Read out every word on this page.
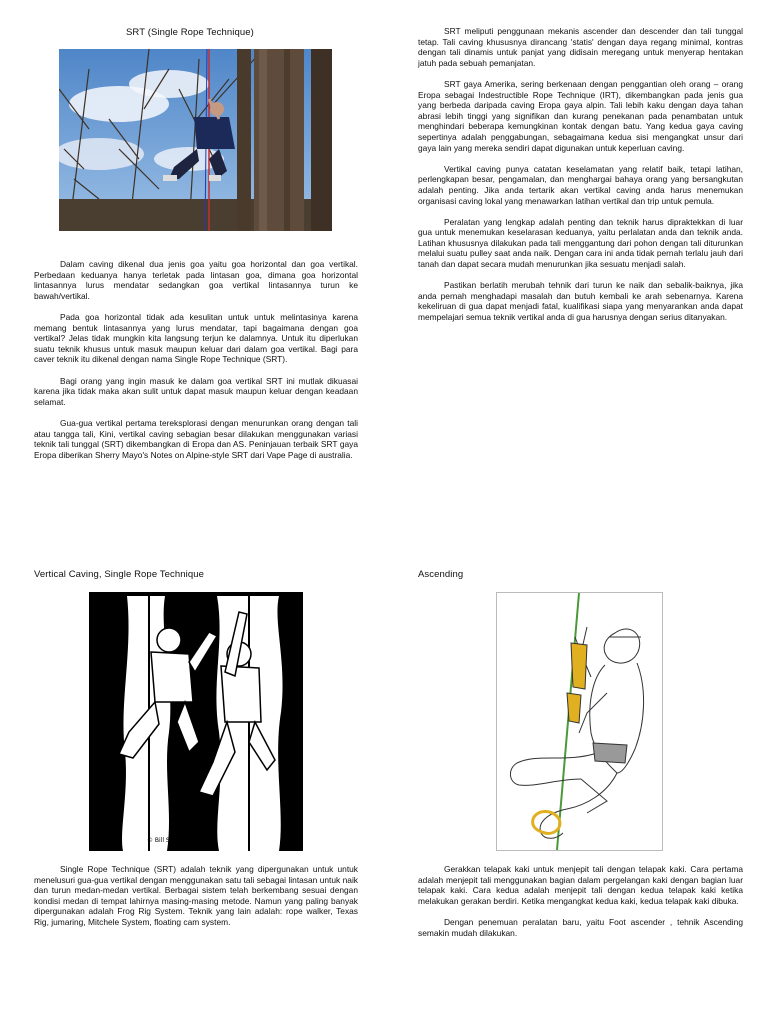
SRT (Single Rope Technique)

Dalam caving dikenal dua jenis goa yaitu goa horizontal dan goa vertikal. Perbedaan keduanya hanya terletak pada lintasan goa, dimana goa horizontal lintasannya lurus mendatar sedangkan goa vertikal lintasannya turun ke bawah/vertikal.

Pada goa horizontal tidak ada kesulitan untuk untuk melintasinya karena memang bentuk lintasannya yang lurus mendatar, tapi bagaimana dengan goa vertikal? Jelas tidak mungkin kita langsung terjun ke dalamnya. Untuk itu diperlukan suatu teknik khusus untuk masuk maupun keluar dari dalam goa vertikal. Bagi para caver teknik itu dikenal dengan nama Single Rope Technique (SRT).

Bagi orang yang ingin masuk ke dalam goa vertikal SRT ini mutlak dikuasai karena jika tidak maka akan sulit untuk dapat masuk maupun keluar dengan keadaan selamat.

Gua-gua vertikal pertama tereksplorasi dengan menurunkan orang dengan tali atau tangga tali, Kini, vertikal caving sebagian besar dilakukan menggunakan variasi teknik tali tunggal (SRT) dikembangkan di Eropa dan AS. Peninjauan terbaik SRT gaya Eropa diberikan Sherry Mayo's Notes on Alpine-style SRT dari Vape Page di australia.

SRT meliputi penggunaan mekanis ascender dan descender dan tali tunggal tetap. Tali caving khususnya dirancang 'statis' dengan daya regang minimal, kontras dengan tali dinamis untuk panjat yang didisain meregang untuk menyerap hentakan jatuh pada sebuah pemanjatan.

SRT gaya Amerika, sering berkenaan dengan penggantian oleh orang – orang Eropa sebagai Indestructible Rope Technique (IRT), dikembangkan pada jenis gua yang berbeda daripada caving Eropa gaya alpin. Tali lebih kaku dengan daya tahan abrasi lebih tinggi yang signifikan dan kurang penekanan pada penambatan untuk menghindari beberapa kemungkinan kontak dengan batu. Yang kedua gaya caving sepertinya adalah penggabungan, sebagaimana kedua sisi mengangkat unsur dari gaya lain yang mereka sendiri dapat digunakan untuk keperluan caving.

Vertikal caving punya catatan keselamatan yang relatif baik, tetapi latihan, perlengkapan besar, pengamalan, dan menghargai bahaya orang yang bersangkutan adalah penting. Jika anda tertarik akan vertikal caving anda harus menemukan organisasi caving lokal yang menawarkan latihan vertikal dan trip untuk pemula.

Peralatan yang lengkap adalah penting dan teknik harus dipraktekkan di luar gua untuk menemukan keselarasan keduanya, yaitu perlalatan anda dan teknik anda. Latihan khususnya dilakukan pada tali menggantung dari pohon dengan tali diturunkan melalui suatu pulley saat anda naik. Dengan cara ini anda tidak pernah terlalu jauh dari tanah dan dapat secara mudah menurunkan jika sesuatu menjadi salah.

Pastikan berlatih merubah tehnik dari turun ke naik dan sebalik-baiknya, jika anda pernah menghadapi masalah dan butuh kembali ke arah sebenarnya. Karena kekeliruan di gua dapat menjadi fatal, kualifikasi siapa yang menyarankan anda dapat mempelajari semua teknik vertikal anda di gua harusnya dengan serius ditanyakan.

Vertical Caving, Single Rope Technique
© Bill Struck

Single Rope Technique (SRT) adalah teknik yang dipergunakan untuk untuk menelusuri gua-gua vertikal dengan menggunakan satu tali sebagai lintasan untuk naik dan turun medan-medan vertikal. Berbagai sistem telah berkembang sesuai dengan kondisi medan di tempat lahirnya masing-masing metode. Namun yang paling banyak dipergunakan adalah Frog Rig System. Teknik yang lain adalah: rope walker, Texas Rig, jumaring, Mitchele System, floating cam system.

Ascending

Gerakkan telapak kaki untuk menjepit tali dengan telapak kaki. Cara pertama adalah menjepit tali menggunakan bagian dalam pergelangan kaki dengan bagian luar telapak kaki. Cara kedua adalah menjepit tali dengan kedua telapak kaki ketika melakukan gerakan berdiri. Ketika mengangkat kedua kaki, kedua telapak kaki dibuka.

Dengan penemuan peralatan baru, yaitu Foot ascender , tehnik Ascending semakin mudah dilakukan.
